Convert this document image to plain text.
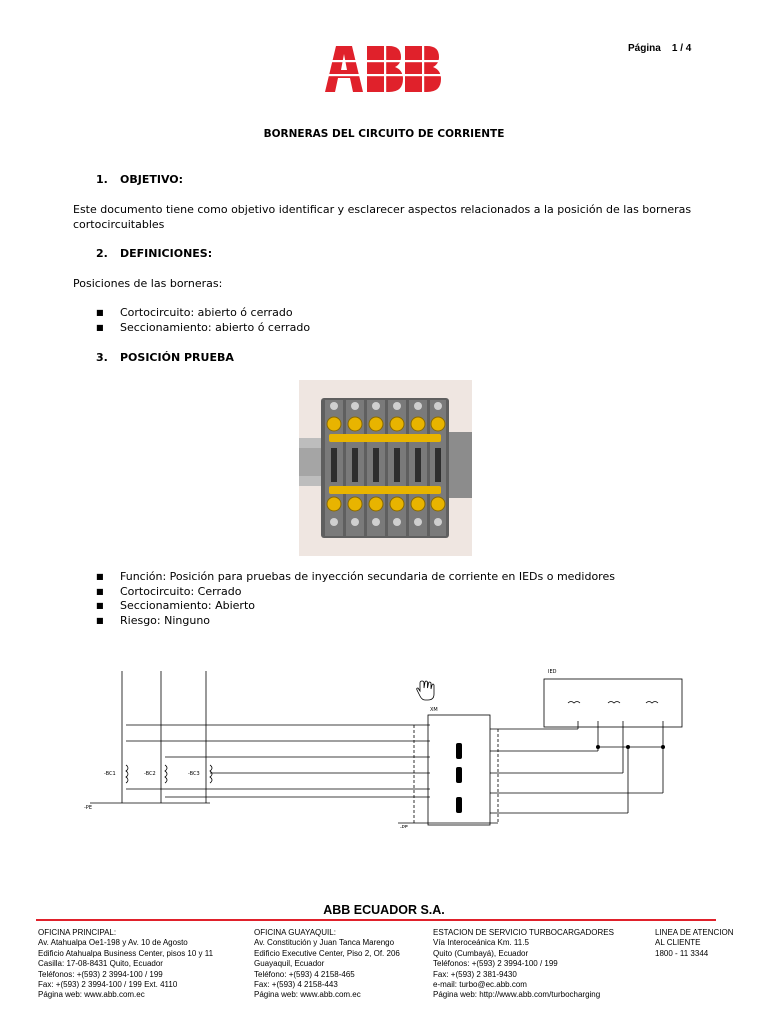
Página    1 / 4
BORNERAS DEL CIRCUITO DE CORRIENTE
1. OBJETIVO:
Este documento tiene como objetivo identificar y esclarecer aspectos relacionados a la posición de las borneras cortocircuitables
2. DEFINICIONES:
Posiciones de las borneras:
■ Cortocircuito: abierto ó cerrado
■ Seccionamiento: abierto ó cerrado
3. POSICIÓN PRUEBA
■ Función: Posición para pruebas de inyección secundaria de corriente en IEDs o medidores
■ Cortocircuito: Cerrado
■ Seccionamiento: Abierto
■ Riesgo: Ninguno
IED
XM
-PE
-PE
-BC1	-BC2	-BC3
ABB ECUADOR S.A.
OFICINA PRINCIPAL:
Av. Atahualpa Oe1-198 y Av. 10 de Agosto
Edificio Atahualpa Business Center, pisos 10 y 11
Casilla: 17-08-8431 Quito, Ecuador
Teléfonos: +(593) 2 3994-100 / 199
Fax: +(593) 2 3994-100 / 199 Ext. 4110
Página web: www.abb.com.ec
OFICINA GUAYAQUIL:
Av. Constitución y Juan Tanca Marengo
Edificio Executive Center, Piso 2, Of. 206
Guayaquil, Ecuador
Teléfono: +(593) 4 2158-465
Fax: +(593) 4 2158-443
Página web: www.abb.com.ec
ESTACION DE SERVICIO TURBOCARGADORES
Vía Interoceánica Km. 11.5
Quito (Cumbayá), Ecuador
Teléfonos: +(593) 2 3994-100 / 199
Fax: +(593) 2 381-9430
e-mail: turbo@ec.abb.com
Página web: http://www.abb.com/turbocharging
LINEA DE ATENCION
AL CLIENTE
1800 - 11 3344
